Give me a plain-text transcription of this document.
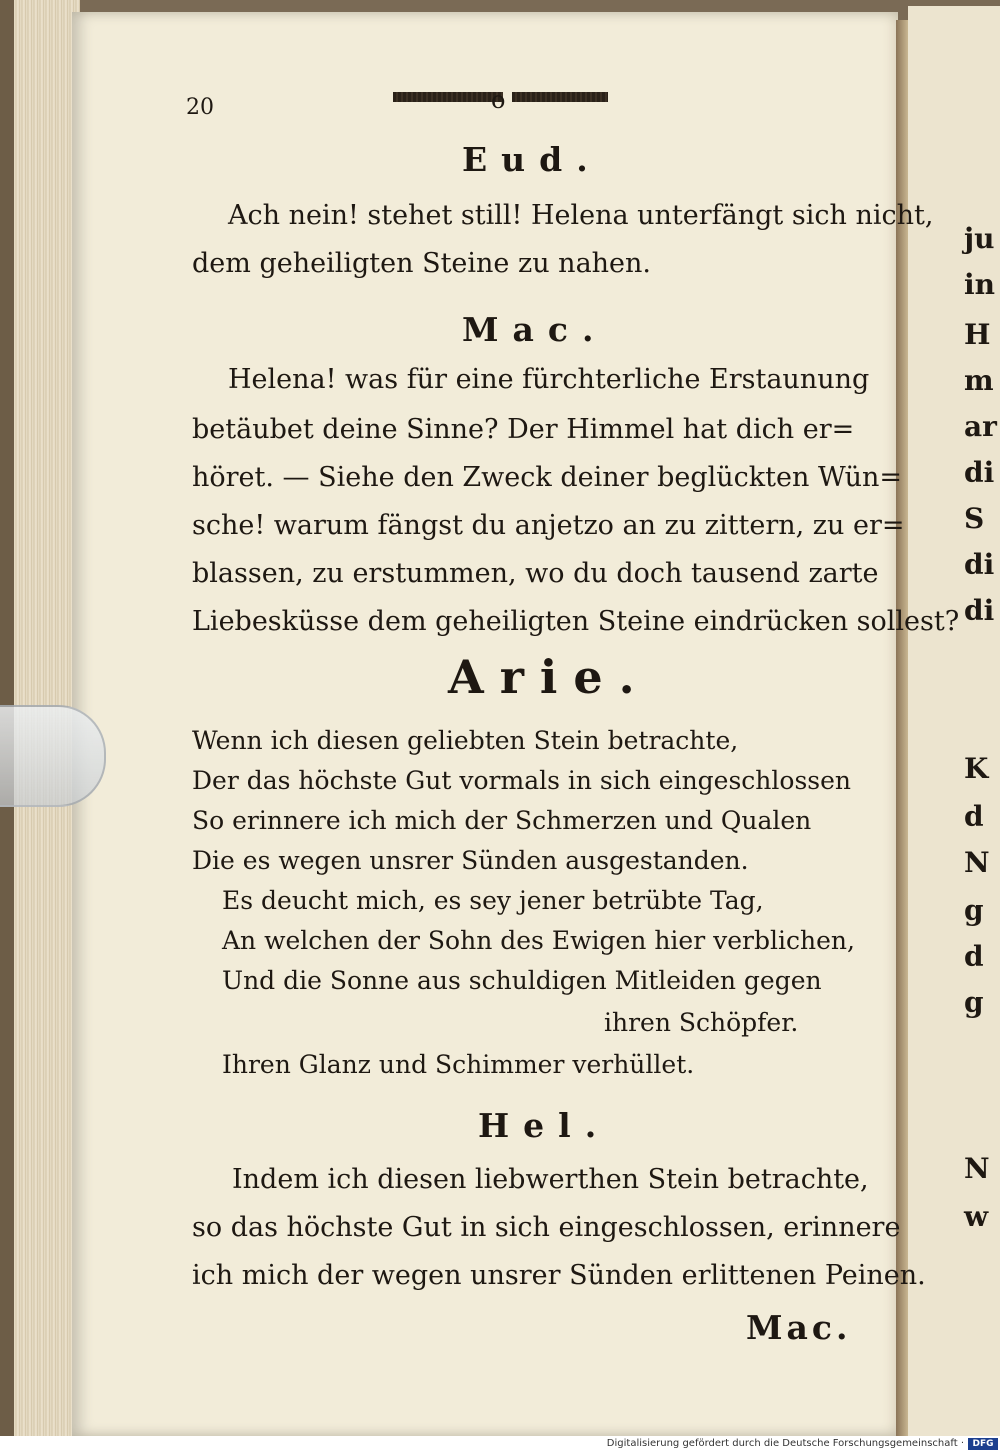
ju
in
H
m
ar
di
S
di
di
K
d
N
g
d
g
N
w
20	o
Eud.
Ach nein! stehet still! Helena unterfängt sich nicht,
dem geheiligten Steine zu nahen.
Mac.
Helena! was für eine fürchterliche Erstaunung
betäubet deine Sinne? Der Himmel hat dich er=
höret. — Siehe den Zweck deiner beglückten Wün=
sche! warum fängst du anjetzo an zu zittern, zu er=
blassen, zu erstummen, wo du doch tausend zarte
Liebesküsse dem geheiligten Steine eindrücken sollest?
Arie.
Wenn ich diesen geliebten Stein betrachte,
Der das höchste Gut vormals in sich eingeschlossen
So erinnere ich mich der Schmerzen und Qualen
Die es wegen unsrer Sünden ausgestanden.
Es deucht mich, es sey jener betrübte Tag,
An welchen der Sohn des Ewigen hier verblichen,
Und die Sonne aus schuldigen Mitleiden gegen
ihren Schöpfer.
Ihren Glanz und Schimmer verhüllet.
Hel.
Indem ich diesen liebwerthen Stein betrachte,
so das höchste Gut in sich eingeschlossen, erinnere
ich mich der wegen unsrer Sünden erlittenen Peinen.
Mac.
Digitalisierung gefördert durch die Deutsche Forschungsgemeinschaft · DFG
